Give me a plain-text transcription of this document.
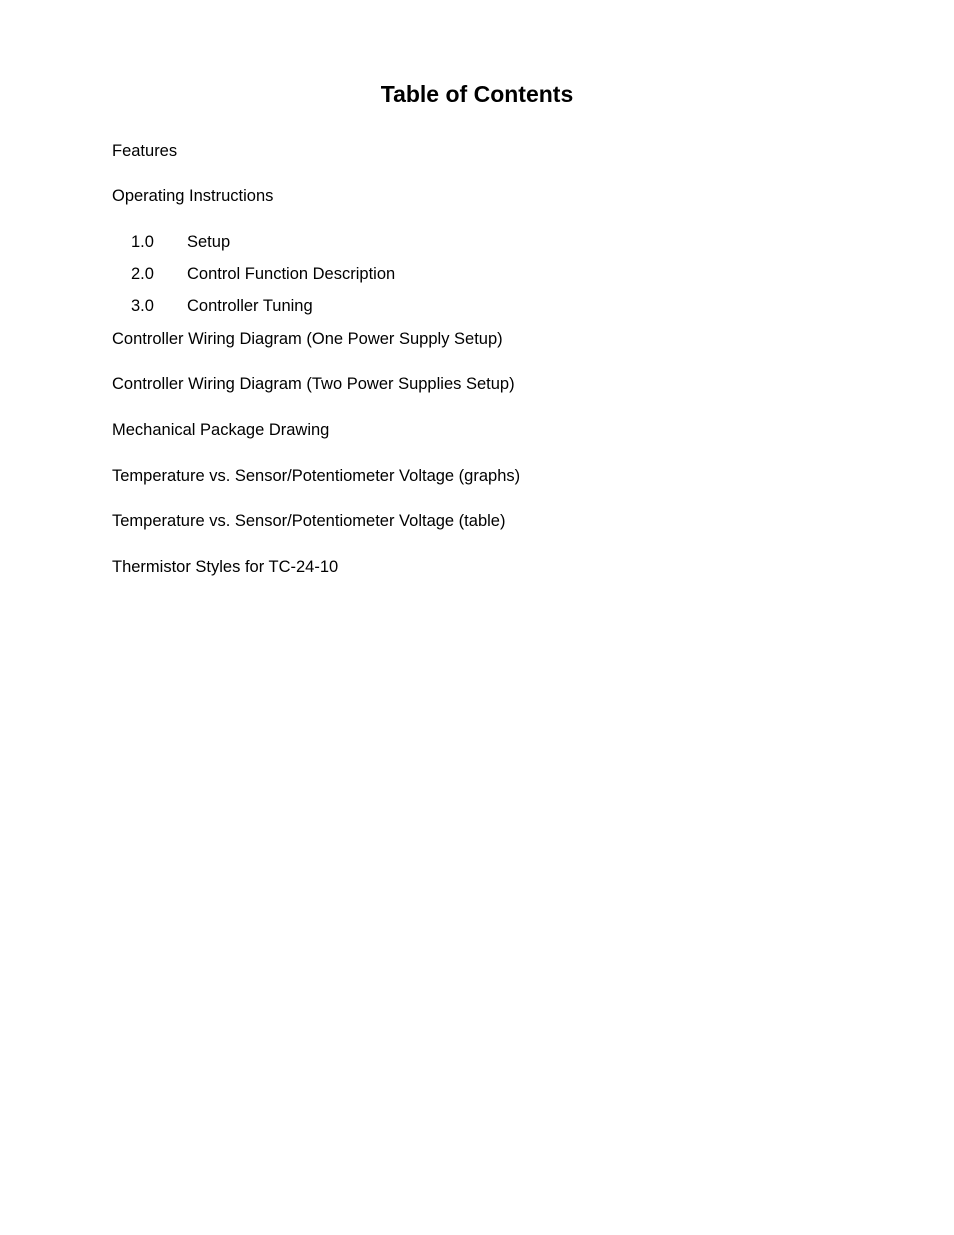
Table of Contents
Features
Operating Instructions
1.0 Setup
2.0 Control Function Description
3.0 Controller Tuning
Controller Wiring Diagram (One Power Supply Setup)
Controller Wiring Diagram (Two Power Supplies Setup)
Mechanical Package Drawing
Temperature vs. Sensor/Potentiometer Voltage (graphs)
Temperature vs. Sensor/Potentiometer Voltage (table)
Thermistor Styles for TC-24-10
